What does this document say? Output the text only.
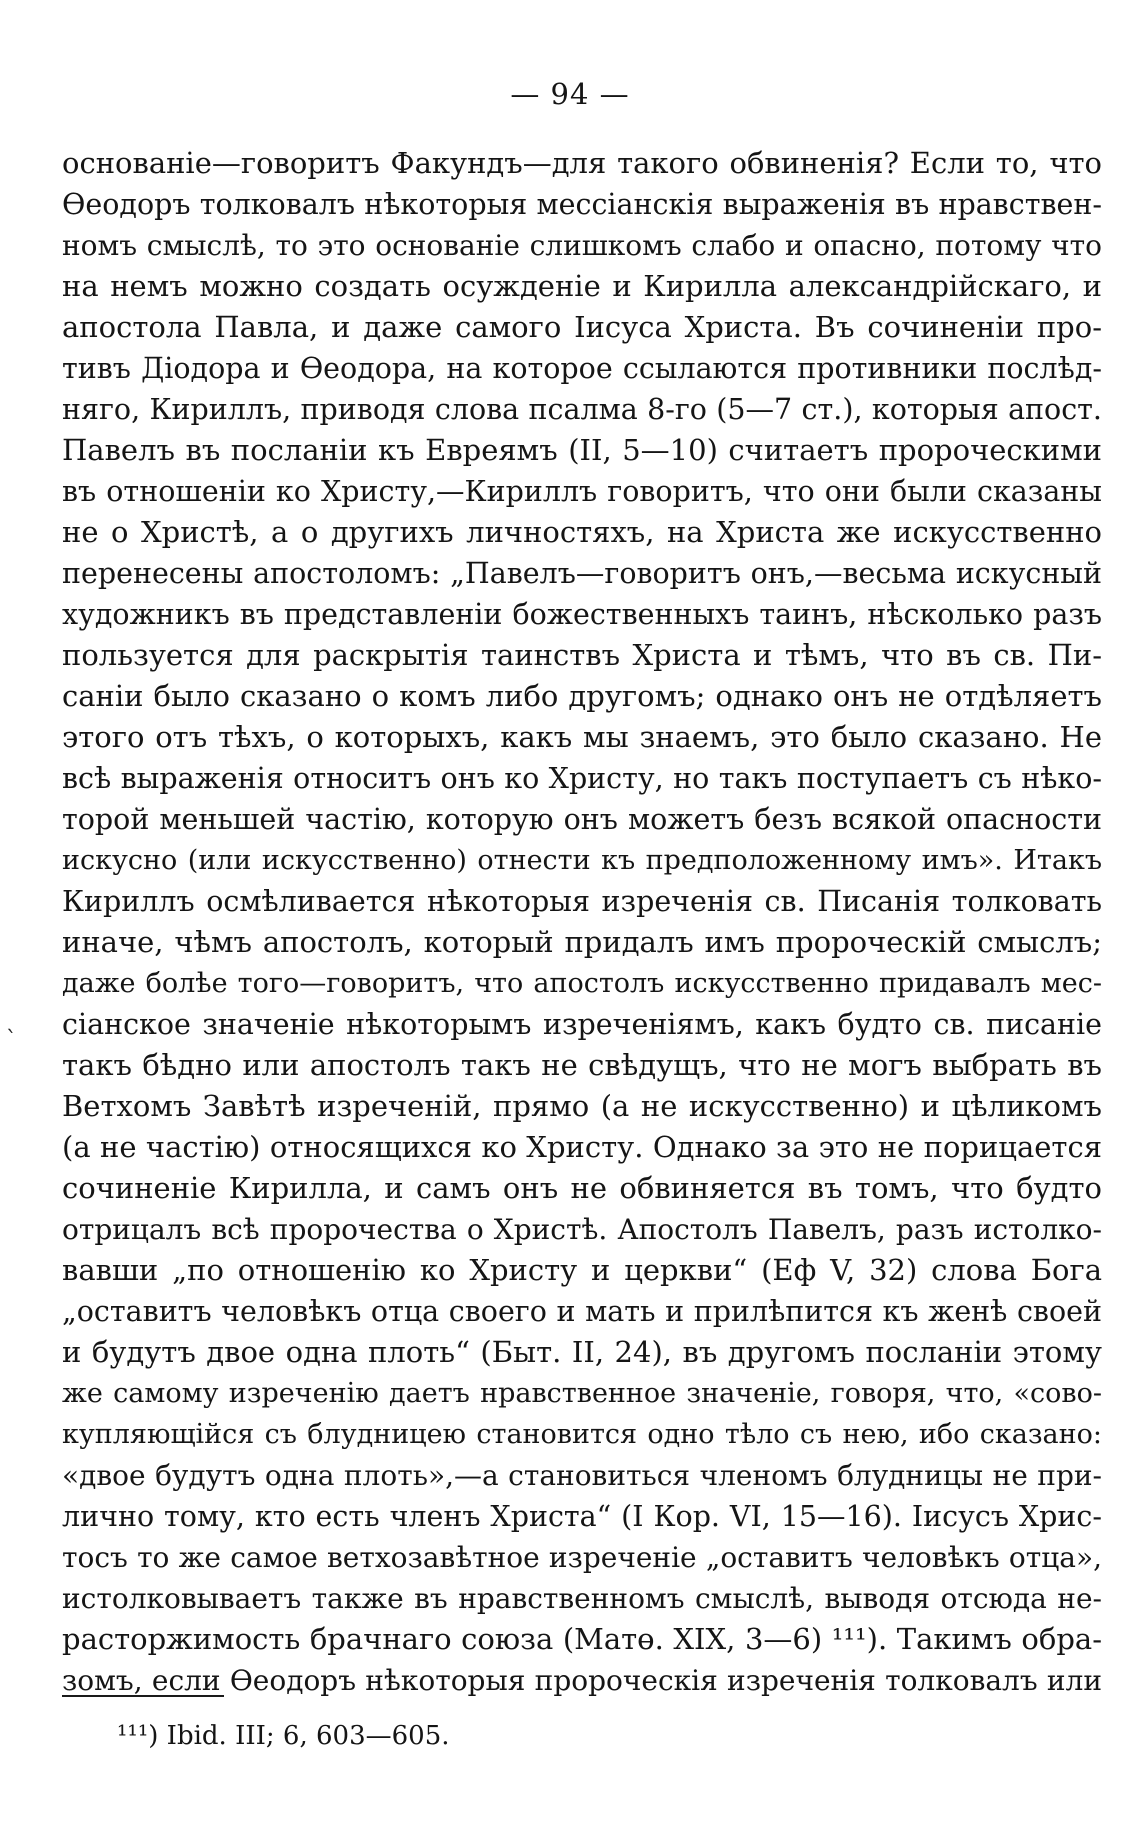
— 94 —
`
основаніе—говоритъ Факундъ—для такого обвиненія? Если то, что
Өеодоръ толковалъ нѣкоторыя мессіанскія выраженія въ нравствен-
номъ смыслѣ, то это основаніе слишкомъ слабо и опасно, потому что
на немъ можно создать осужденіе и Кирилла александрійскаго, и
апостола Павла, и даже самого Іисуса Христа. Въ сочиненіи про-
тивъ Діодора и Өеодора, на которое ссылаются противники послѣд-
няго, Кириллъ, приводя слова псалма 8-го (5—7 ст.), которыя апост.
Павелъ въ посланіи къ Евреямъ (II, 5—10) считаетъ пророческими
въ отношеніи ко Христу,—Кириллъ говоритъ, что они были сказаны
не о Христѣ, а о другихъ личностяхъ, на Христа же искусственно
перенесены апостоломъ: „Павелъ—говоритъ онъ,—весьма искусный
художникъ въ представленіи божественныхъ таинъ, нѣсколько разъ
пользуется для раскрытія таинствъ Христа и тѣмъ, что въ св. Пи-
саніи было сказано о комъ либо другомъ; однако онъ не отдѣляетъ
этого отъ тѣхъ, о которыхъ, какъ мы знаемъ, это было сказано. Не
всѣ выраженія относитъ онъ ко Христу, но такъ поступаетъ съ нѣко-
торой меньшей частію, которую онъ можетъ безъ всякой опасности
искусно (или искусственно) отнести къ предположенному имъ». Итакъ
Кириллъ осмѣливается нѣкоторыя изреченія св. Писанія толковать
иначе, чѣмъ апостолъ, который придалъ имъ пророческій смыслъ;
даже болѣе того—говоритъ, что апостолъ искусственно придавалъ мес-
сіанское значеніе нѣкоторымъ изреченіямъ, какъ будто св. писаніе
такъ бѣдно или апостолъ такъ не свѣдущъ, что не могъ выбрать въ
Ветхомъ Завѣтѣ изреченій, прямо (а не искусственно) и цѣликомъ
(а не частію) относящихся ко Христу. Однако за это не порицается
сочиненіе Кирилла, и самъ онъ не обвиняется въ томъ, что будто
отрицалъ всѣ пророчества о Христѣ. Апостолъ Павелъ, разъ истолко-
вавши „по отношенію ко Христу и церкви“ (Еф V, 32) слова Бога
„оставитъ человѣкъ отца своего и мать и прилѣпится къ женѣ своей
и будутъ двое одна плоть“ (Быт. II, 24), въ другомъ посланіи этому
же самому изреченію даетъ нравственное значеніе, говоря, что, «сово-
купляющійся съ блудницею становится одно тѣло съ нею, ибо сказано:
«двое будутъ одна плоть»,—а становиться членомъ блудницы не при-
лично тому, кто есть членъ Христа“ (I Кор. VI, 15—16). Іисусъ Хрис-
тосъ то же самое ветхозавѣтное изреченіе „оставитъ человѣкъ отца»,
истолковываетъ также въ нравственномъ смыслѣ, выводя отсюда не-
расторжимость брачнаго союза (Матө. XIX, 3—6) ¹¹¹). Такимъ обра-
зомъ, если Өеодоръ нѣкоторыя пророческія изреченія толковалъ или
¹¹¹) Ibid. III; 6, 603—605.
